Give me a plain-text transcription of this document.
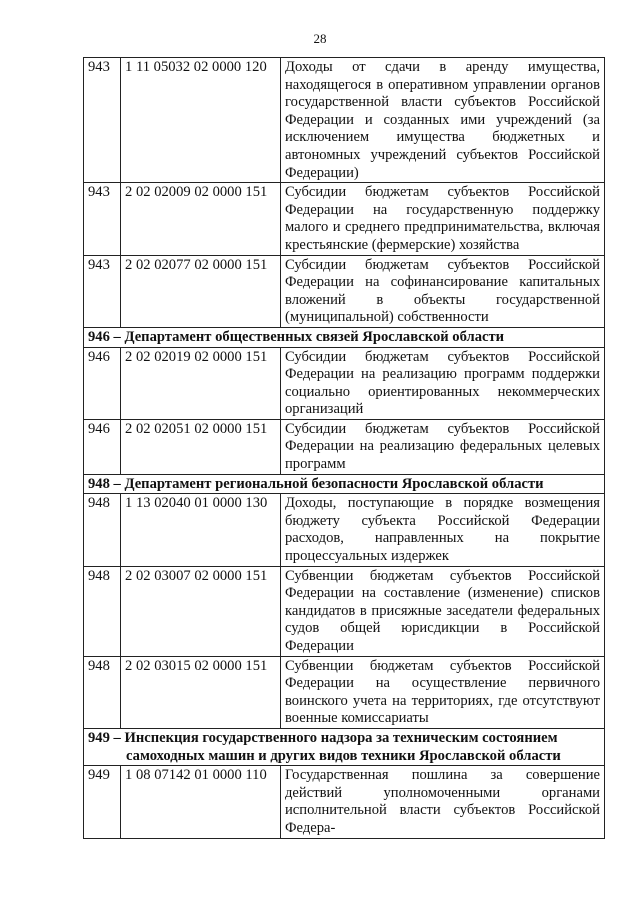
28
943	1 11 05032 02 0000 120	Доходы от сдачи в аренду имущества, находящегося в оперативном управлении органов государственной власти субъектов Российской Федерации и созданных ими учреждений (за исключением имущества бюджетных и автономных учреждений субъектов Российской Федерации)
943	2 02 02009 02 0000 151	Субсидии бюджетам субъектов Российской Федерации на государственную поддержку малого и среднего предпринимательства, включая крестьянские (фермерские) хозяйства
943	2 02 02077 02 0000 151	Субсидии бюджетам субъектов Российской Федерации на софинансирование капитальных вложений в объекты государственной (муниципальной) собственности
946 – Департамент общественных связей Ярославской области		
946	2 02 02019 02 0000 151	Субсидии бюджетам субъектов Российской Федерации на реализацию программ поддержки социально ориентированных некоммерческих организаций
946	2 02 02051 02 0000 151	Субсидии бюджетам субъектов Российской Федерации на реализацию федеральных целевых программ
948 – Департамент региональной безопасности Ярославской области		
948	1 13 02040 01 0000 130	Доходы, поступающие в порядке возмещения бюджету субъекта Российской Федерации расходов, направленных на покрытие процессуальных издержек
948	2 02 03007 02 0000 151	Субвенции бюджетам субъектов Российской Федерации на составление (изменение) списков кандидатов в присяжные заседатели федеральных судов общей юрисдикции в Российской Федерации
948	2 02 03015 02 0000 151	Субвенции бюджетам субъектов Российской Федерации на осуществление первичного воинского учета на территориях, где отсутствуют военные комиссариаты
949 – Инспекция государственного надзора за техническим состоянием
самоходных машин и других видов техники Ярославской области		

949	1 08 07142 01 0000 110	Государственная пошлина за совершение действий уполномоченными органами исполнительной власти субъектов Российской Федера-
